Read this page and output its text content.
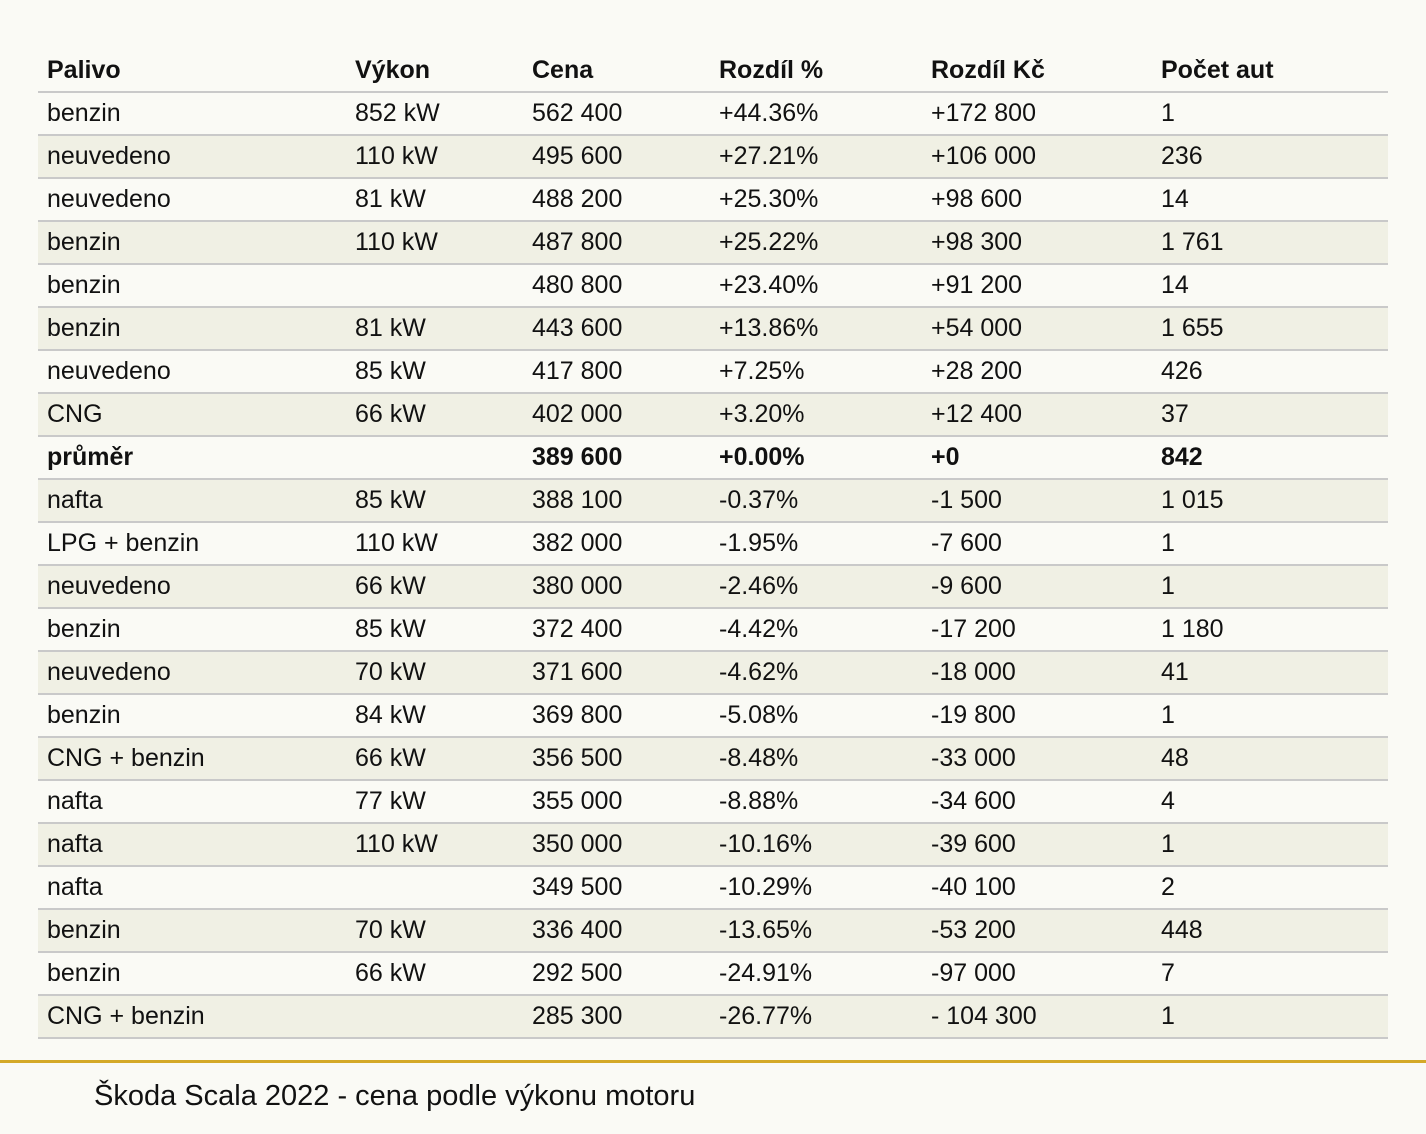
Palivo	Výkon	Cena	Rozdíl %	Rozdíl Kč	Počet aut
benzin	852 kW	562 400	+44.36%	+172 800	1
neuvedeno	110 kW	495 600	+27.21%	+106 000	236
neuvedeno	81 kW	488 200	+25.30%	+98 600	14
benzin	110 kW	487 800	+25.22%	+98 300	1 761
benzin		480 800	+23.40%	+91 200	14
benzin	81 kW	443 600	+13.86%	+54 000	1 655
neuvedeno	85 kW	417 800	+7.25%	+28 200	426
CNG	66 kW	402 000	+3.20%	+12 400	37
průměr		389 600	+0.00%	+0	842
nafta	85 kW	388 100	-0.37%	-1 500	1 015
LPG + benzin	110 kW	382 000	-1.95%	-7 600	1
neuvedeno	66 kW	380 000	-2.46%	-9 600	1
benzin	85 kW	372 400	-4.42%	-17 200	1 180
neuvedeno	70 kW	371 600	-4.62%	-18 000	41
benzin	84 kW	369 800	-5.08%	-19 800	1
CNG + benzin	66 kW	356 500	-8.48%	-33 000	48
nafta	77 kW	355 000	-8.88%	-34 600	4
nafta	110 kW	350 000	-10.16%	-39 600	1
nafta		349 500	-10.29%	-40 100	2
benzin	70 kW	336 400	-13.65%	-53 200	448
benzin	66 kW	292 500	-24.91%	-97 000	7
CNG + benzin		285 300	-26.77%	- 104 300	1
Škoda Scala 2022 - cena podle výkonu motoru
